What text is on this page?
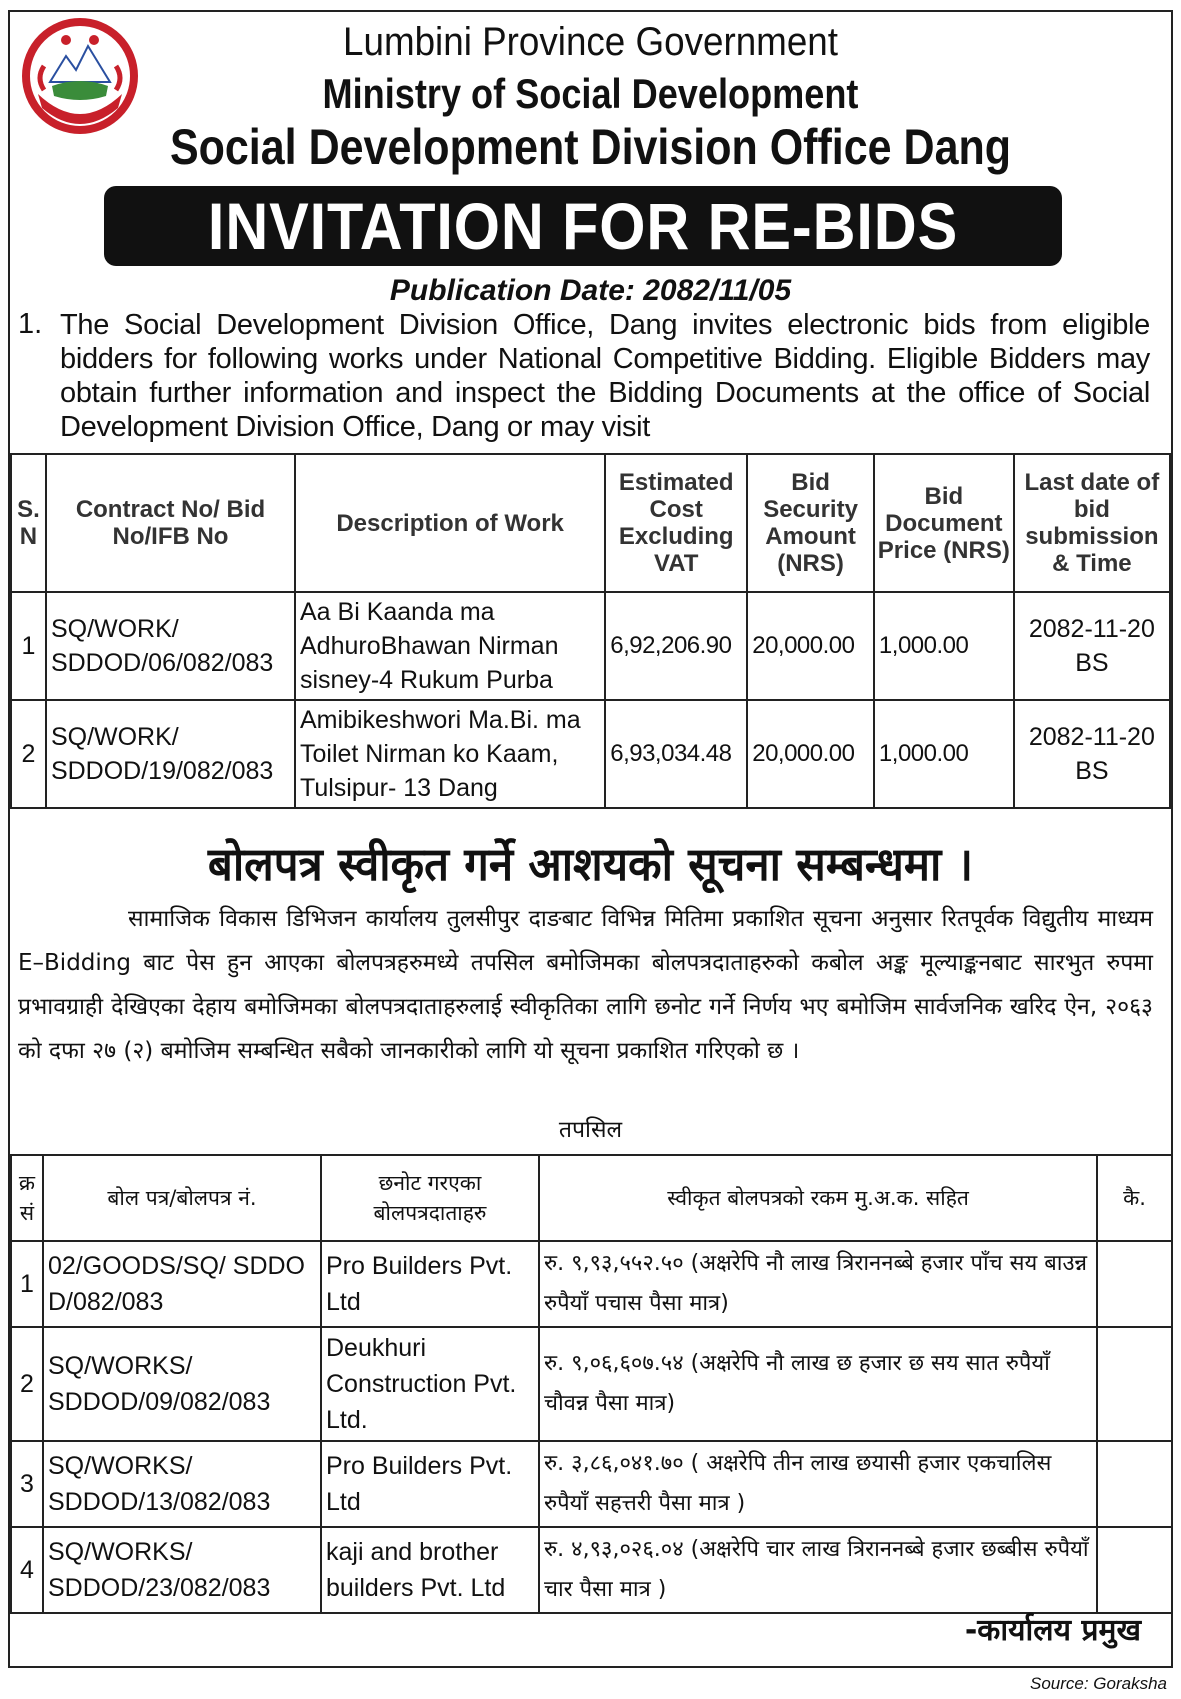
Lumbini Province Government
Ministry of Social Development
Social Development Division Office Dang
INVITATION FOR RE-BIDS
Publication Date: 2082/11/05
1. The Social Development Division Office, Dang invites electronic bids from eligible bidders for following works under National Competitive Bidding. Eligible Bidders may obtain further information and inspect the Bidding Documents at the office of Social Development Division Office, Dang or may visit
S. N	Contract No/ Bid No/IFB No	Description of Work	Estimated Cost Excluding VAT	Bid Security Amount (NRS)	Bid Document Price (NRS)	Last date of bid submission & Time
1	SQ/WORK/ SDDOD/06/082/083	Aa Bi Kaanda ma AdhuroBhawan Nirman sisney-4 Rukum Purba	6,92,206.90	20,000.00	1,000.00	2082-11-20 BS
2	SQ/WORK/ SDDOD/19/082/083	Amibikeshwori Ma.Bi. ma Toilet Nirman ko Kaam, Tulsipur- 13 Dang	6,93,034.48	20,000.00	1,000.00	2082-11-20 BS
बोलपत्र स्वीकृत गर्ने आशयको सूचना सम्बन्धमा ।
सामाजिक विकास डिभिजन कार्यालय तुलसीपुर दाङबाट विभिन्न मितिमा प्रकाशित सूचना अनुसार रितपूर्वक विद्युतीय माध्यम E–Bidding बाट पेस हुन आएका बोलपत्रहरुमध्ये तपसिल बमोजिमका बोलपत्रदाताहरुको कबोल अङ्क मूल्याङ्कनबाट सारभुत रुपमा प्रभावग्राही देखिएका देहाय बमोजिमका बोलपत्रदाताहरुलाई स्वीकृतिका लागि छनोट गर्ने निर्णय भए बमोजिम सार्वजनिक खरिद ऐन, २०६३ को दफा २७ (२) बमोजिम सम्बन्धित सबैको जानकारीको लागि यो सूचना प्रकाशित गरिएको छ ।
तपसिल
क्र सं	बोल पत्र/बोलपत्र नं.	छनोट गरएका बोलपत्रदाताहरु	स्वीकृत बोलपत्रको रकम मु.अ.क. सहित	कै.
1	02/GOODS/SQ/ SDDO D/082/083	Pro Builders Pvt. Ltd	रु. ९,९३,५५२.५० (अक्षरेपि नौ लाख त्रिराननब्बे हजार पाँच सय बाउन्न रुपैयाँ पचास पैसा मात्र)	
2	SQ/WORKS/ SDDOD/09/082/083	Deukhuri Construction Pvt. Ltd.	रु. ९,०६,६०७.५४ (अक्षरेपि नौ लाख छ हजार छ सय सात रुपैयाँ चौवन्न पैसा मात्र)	
3	SQ/WORKS/ SDDOD/13/082/083	Pro Builders Pvt. Ltd	रु. ३,८६,०४१.७० ( अक्षरेपि तीन लाख छयासी हजार एकचालिस रुपैयाँ सहत्तरी पैसा मात्र )	
4	SQ/WORKS/ SDDOD/23/082/083	kaji and brother builders Pvt. Ltd	रु. ४,९३,०२६.०४ (अक्षरेपि चार लाख त्रिराननब्बे हजार छब्बीस रुपैयाँ चार पैसा मात्र )	
-कार्यालय प्रमुख
Source: Goraksha
